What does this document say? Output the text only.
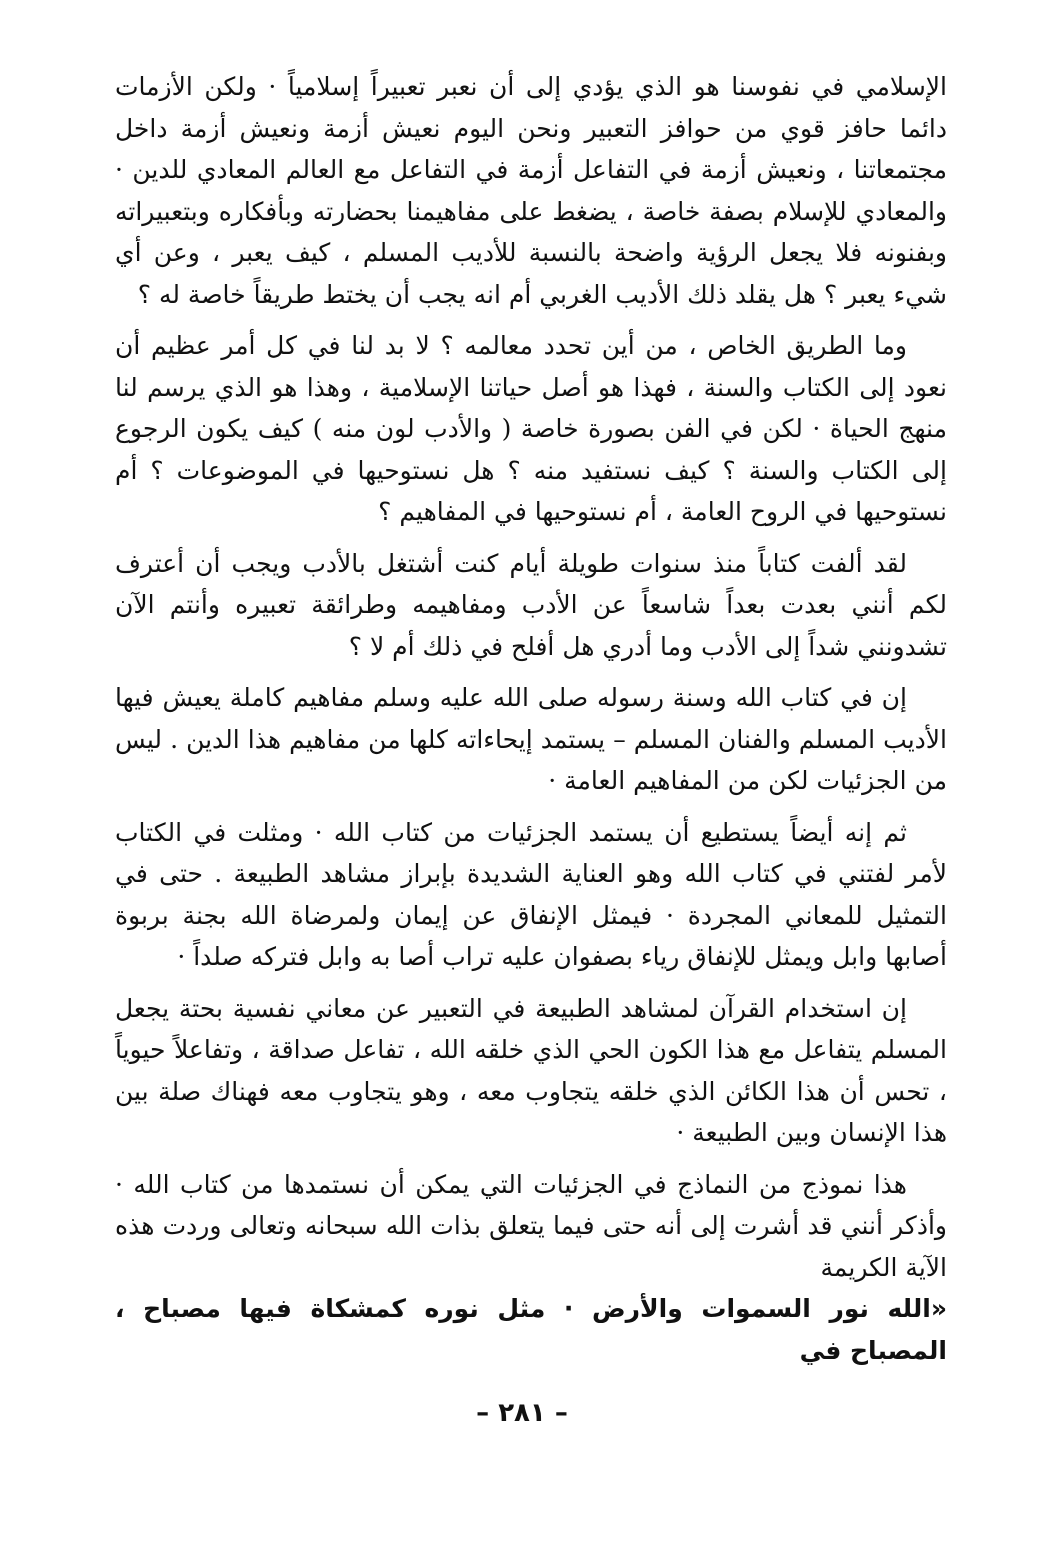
الإسلامي في نفوسنا هو الذي يؤدي إلى أن نعبر تعبيراً إسلامياً · ولكن الأزمات دائما حافز قوي من حوافز التعبير ونحن اليوم نعيش أزمة ونعيش أزمة داخل مجتمعاتنا ، ونعيش أزمة في التفاعل أزمة في التفاعل مع العالم المعادي للدين · والمعادي للإسلام بصفة خاصة ، يضغط على مفاهيمنا بحضارته وبأفكاره وبتعبيراته وبفنونه فلا يجعل الرؤية واضحة بالنسبة للأديب المسلم ، كيف يعبر ، وعن أي شيء يعبر ؟ هل يقلد ذلك الأديب الغربي أم انه يجب أن يختط طريقاً خاصة له ؟

وما الطريق الخاص ، من أين تحدد معالمه ؟ لا بد لنا في كل أمر عظيم أن نعود إلى الكتاب والسنة ، فهذا هو أصل حياتنا الإسلامية ، وهذا هو الذي يرسم لنا منهج الحياة · لكن في الفن بصورة خاصة ( والأدب لون منه ) كيف يكون الرجوع إلى الكتاب والسنة ؟ كيف نستفيد منه ؟ هل نستوحيها في الموضوعات ؟ أم نستوحيها في الروح العامة ، أم نستوحيها في المفاهيم ؟

لقد ألفت كتاباً منذ سنوات طويلة أيام كنت أشتغل بالأدب ويجب أن أعترف لكم أنني بعدت بعداً شاسعاً عن الأدب ومفاهيمه وطرائقة تعبيره وأنتم الآن تشدونني شداً إلى الأدب وما أدري هل أفلح في ذلك أم لا ؟

إن في كتاب الله وسنة رسوله صلى الله عليه وسلم مفاهيم كاملة يعيش فيها الأديب المسلم والفنان المسلم – يستمد إيحاءاته كلها من مفاهيم هذا الدين . ليس من الجزئيات لكن من المفاهيم العامة ·

ثم إنه أيضاً يستطيع أن يستمد الجزئيات من كتاب الله · ومثلت في الكتاب لأمر لفتني في كتاب الله وهو العناية الشديدة بإبراز مشاهد الطبيعة . حتى في التمثيل للمعاني المجردة · فيمثل الإنفاق عن إيمان ولمرضاة الله بجنة بربوة أصابها وابل ويمثل للإنفاق رياء بصفوان عليه تراب أصا به وابل فتركه صلداً ·

إن استخدام القرآن لمشاهد الطبيعة في التعبير عن معاني نفسية بحتة يجعل المسلم يتفاعل مع هذا الكون الحي الذي خلقه الله ، تفاعل صداقة ، وتفاعلاً حيوياً ، تحس أن هذا الكائن الذي خلقه يتجاوب معه ، وهو يتجاوب معه فهناك صلة بين هذا الإنسان وبين الطبيعة ·

هذا نموذج من النماذج في الجزئيات التي يمكن أن نستمدها من كتاب الله · وأذكر أنني قد أشرت إلى أنه حتى فيما يتعلق بذات الله سبحانه وتعالى وردت هذه الآية الكريمة

«الله نور السموات والأرض · مثل نوره كمشكاة فيها مصباح ، المصباح في

– ٢٨١ –
